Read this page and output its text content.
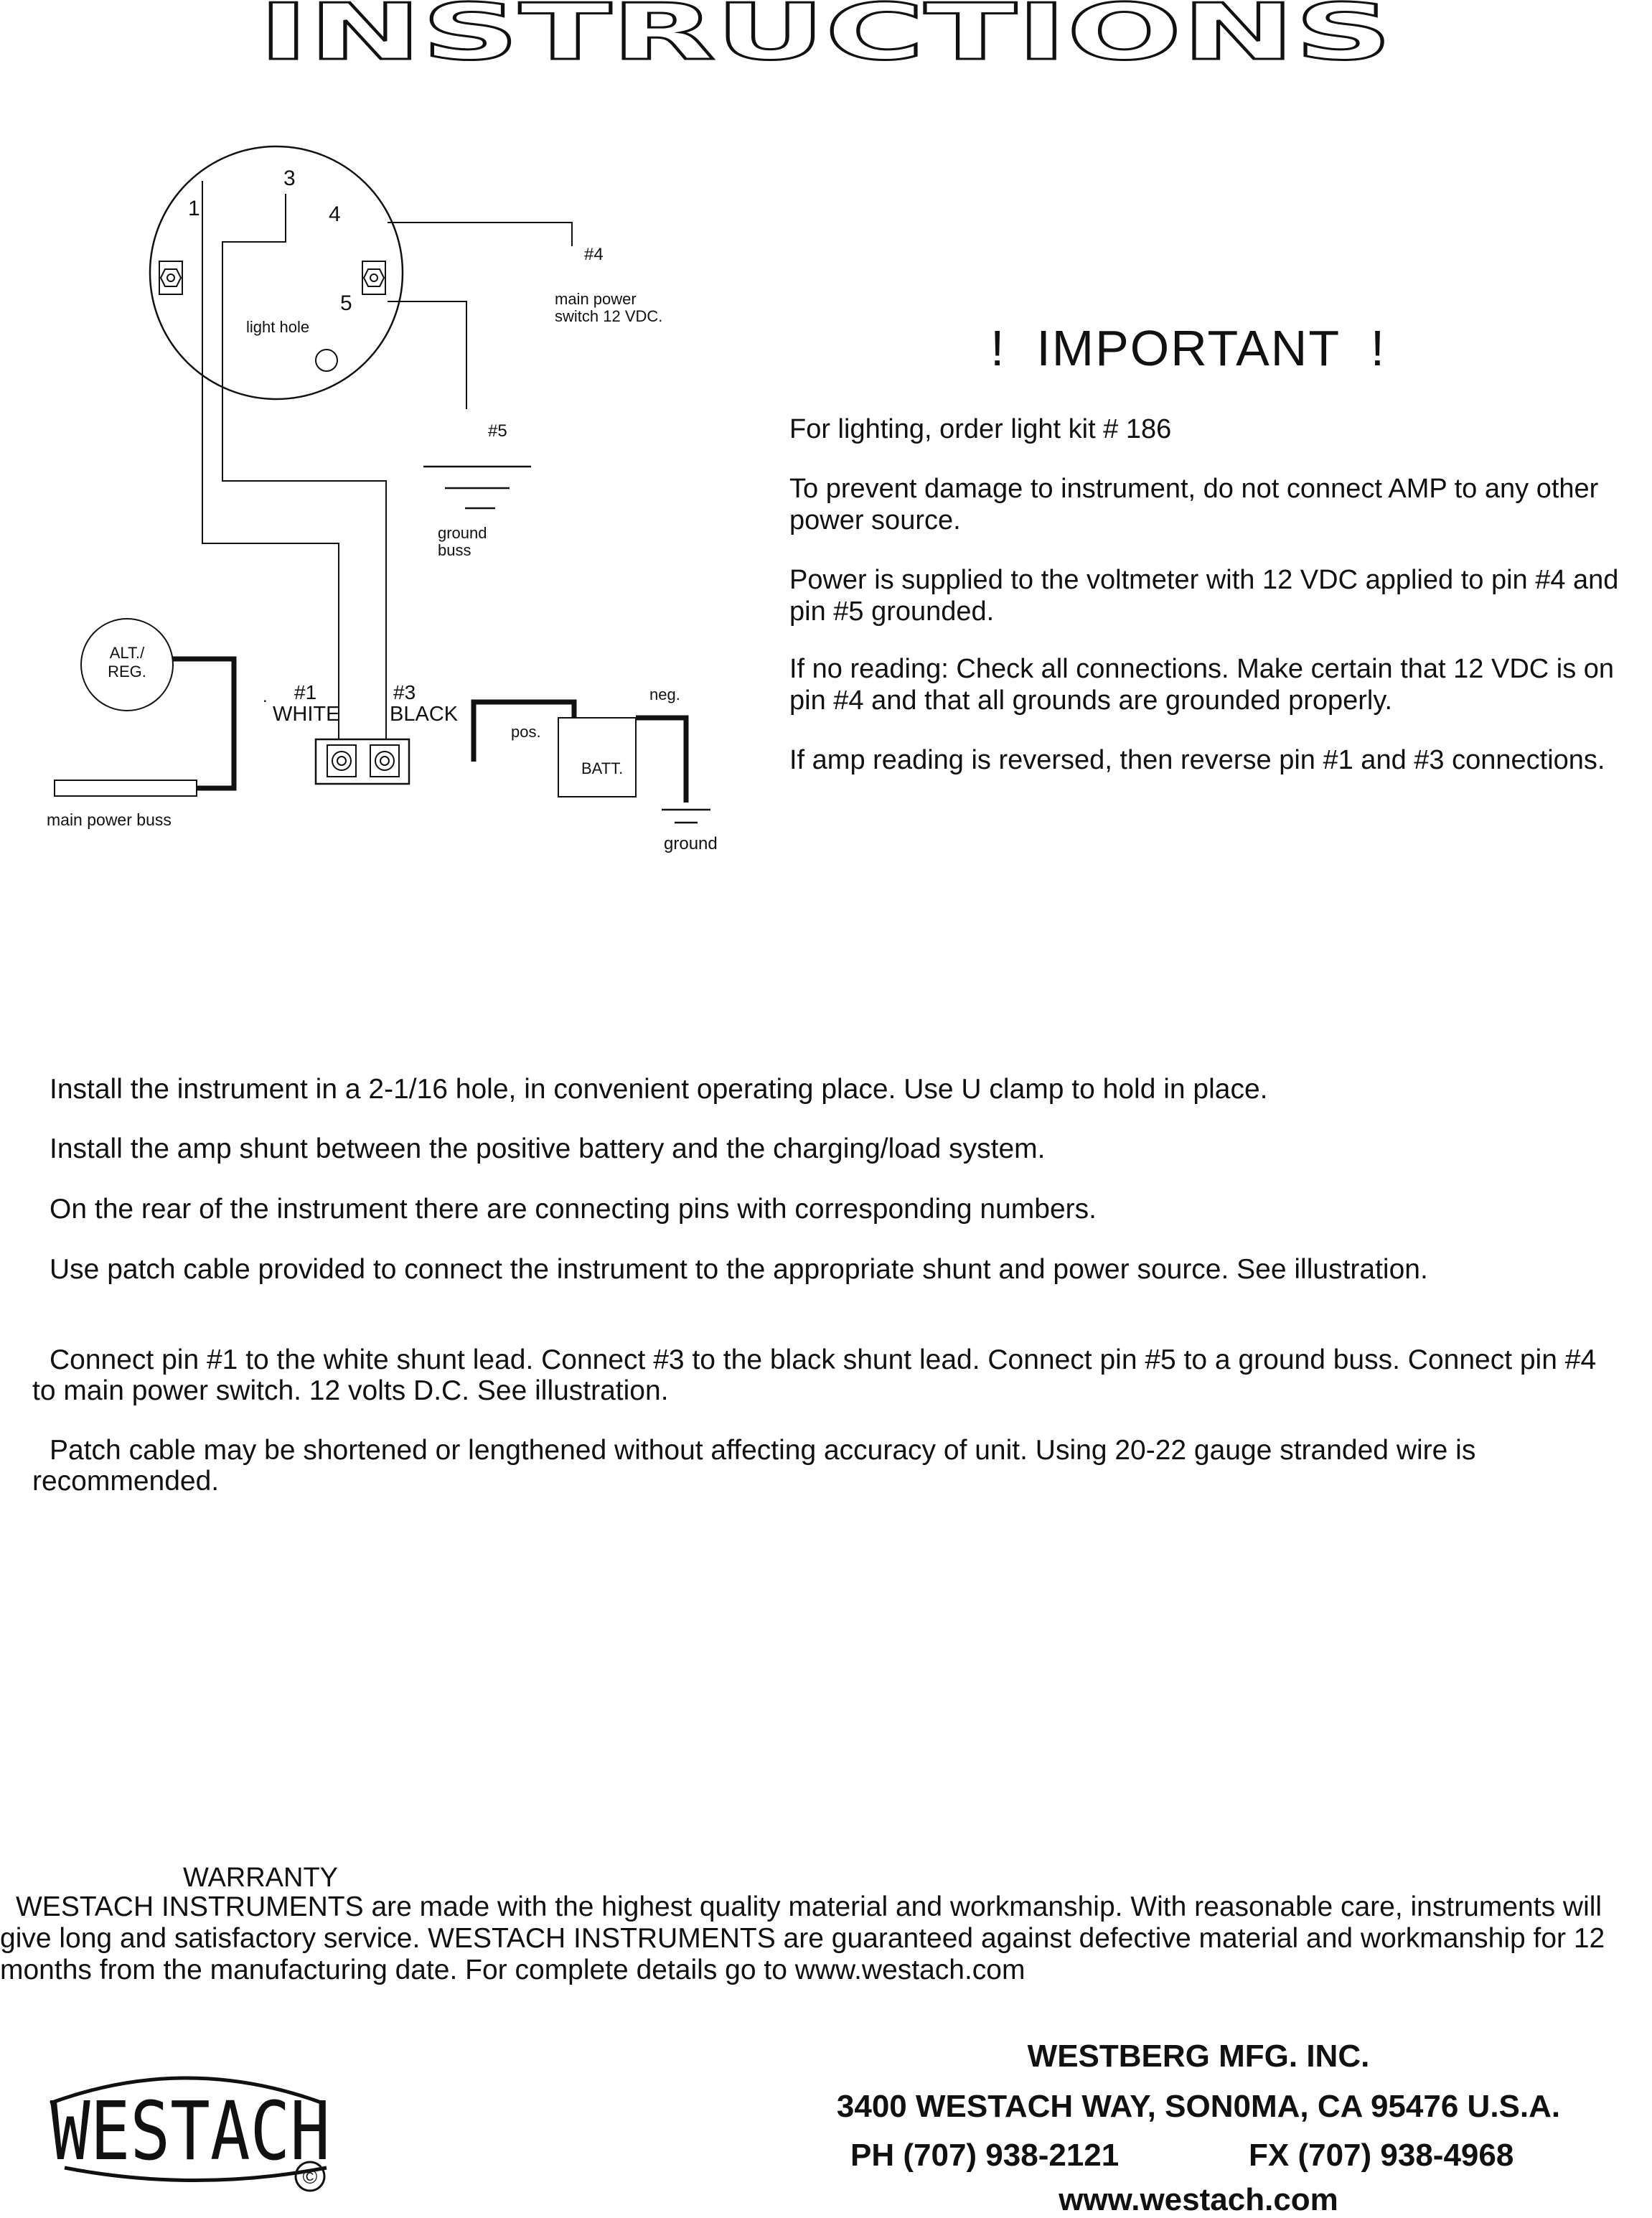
INSTRUCTIONS
1
3
4
5
light hole
#4
main power
switch 12 VDC.
#5
ground
buss
ALT./
REG.
main power buss
. #1
WHITE
#3
BLACK
pos.
BATT.
neg.
ground
!  IMPORTANT  !
For lighting, order light kit # 186
To prevent damage to instrument, do not connect AMP to any other power source.
Power is supplied to the voltmeter with 12 VDC applied to pin #4 and pin #5 grounded.
If no reading: Check all connections. Make certain that 12 VDC is on pin #4 and that all grounds are grounded properly.
If amp reading is reversed, then reverse pin #1 and #3 connections.
Install the instrument in a 2-1/16 hole, in convenient operating place. Use U clamp to hold in place.
Install the amp shunt between the positive battery and the charging/load system.
On the rear of the instrument there are connecting pins with corresponding numbers.
Use patch cable provided to connect the instrument to the appropriate shunt and power source. See illustration.
Connect pin #1 to the white shunt lead. Connect #3 to the black shunt lead. Connect pin #5 to a ground buss. Connect pin #4 to main power switch. 12 volts D.C. See illustration.
Patch cable may be shortened or lengthened without affecting accuracy of unit. Using 20-22 gauge stranded wire is recommended.
WARRANTY
WESTACH INSTRUMENTS are made with the highest quality material and workmanship. With reasonable care, instruments will give long and satisfactory service. WESTACH INSTRUMENTS are guaranteed against defective material and workmanship for 12 months from the manufacturing date. For complete details go to www.westach.com
WESTACH
©
WESTBERG MFG. INC.
3400 WESTACH WAY, SON0MA, CA 95476 U.S.A.
PH (707) 938-2121	FX (707) 938-4968
www.westach.com
